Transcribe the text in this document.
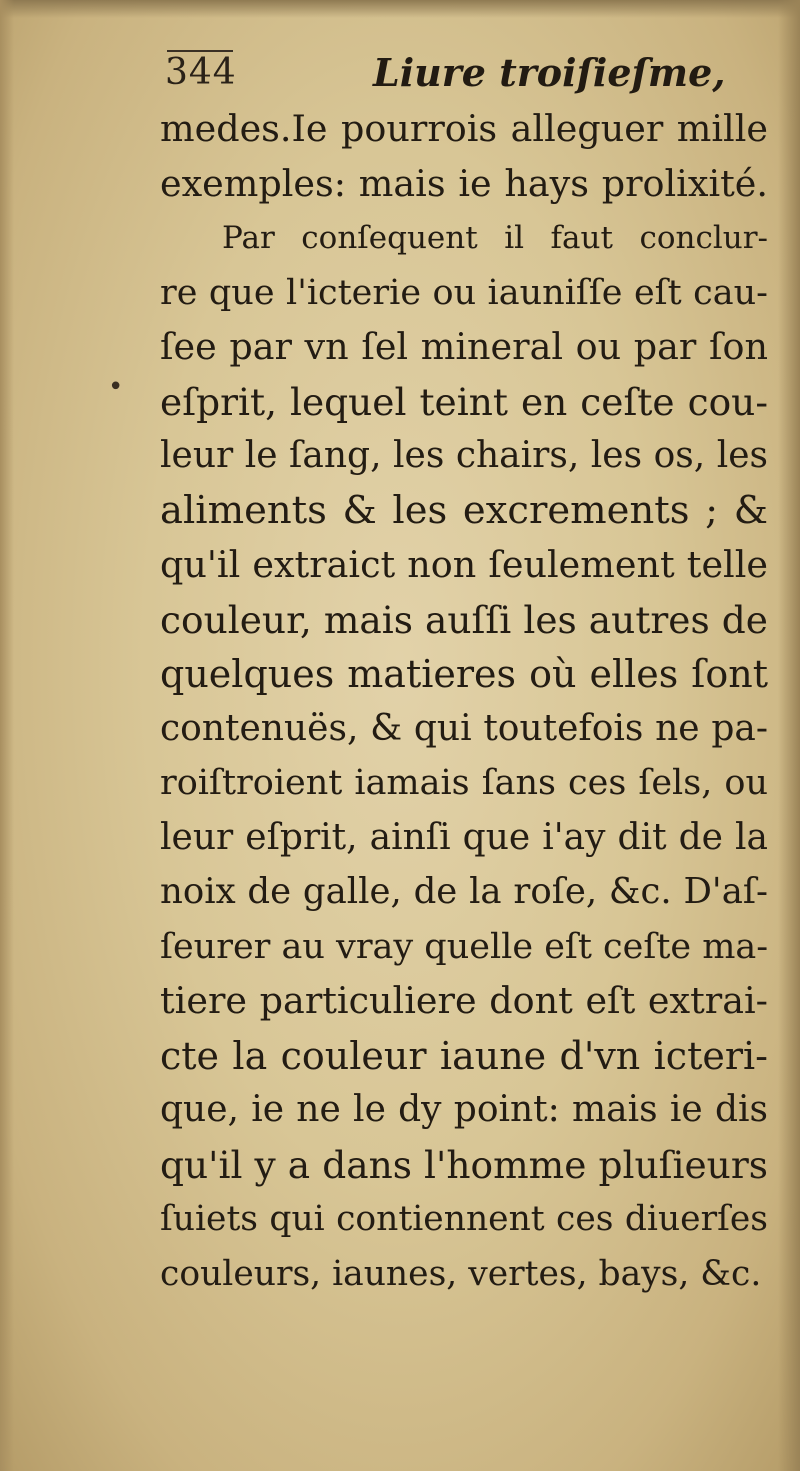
344	Liure troiſieſme,
•
medes.Ie pourrois alleguer mille
exemples: mais ie hays prolixité.
Par conſequent il faut conclur-
re que l'icterie ou iauniſſe eſt cau-
ſee par vn ſel mineral ou par ſon
eſprit, lequel teint en ceſte cou-
leur le ſang, les chairs, les os, les
aliments & les excrements ; &
qu'il extraict non ſeulement telle
couleur, mais auſſi les autres de
quelques matieres où elles ſont
contenuës, & qui toutefois ne pa-
roiſtroient iamais ſans ces ſels, ou
leur eſprit, ainſi que i'ay dit de la
noix de galle, de la roſe, &c. D'aſ-
ſeurer au vray quelle eſt ceſte ma-
tiere particuliere dont eſt extrai-
cte la couleur iaune d'vn icteri-
que, ie ne le dy point: mais ie dis
qu'il y a dans l'homme pluſieurs
ſuiets qui contiennent ces diuerſes
couleurs, iaunes, vertes, bays, &c.
